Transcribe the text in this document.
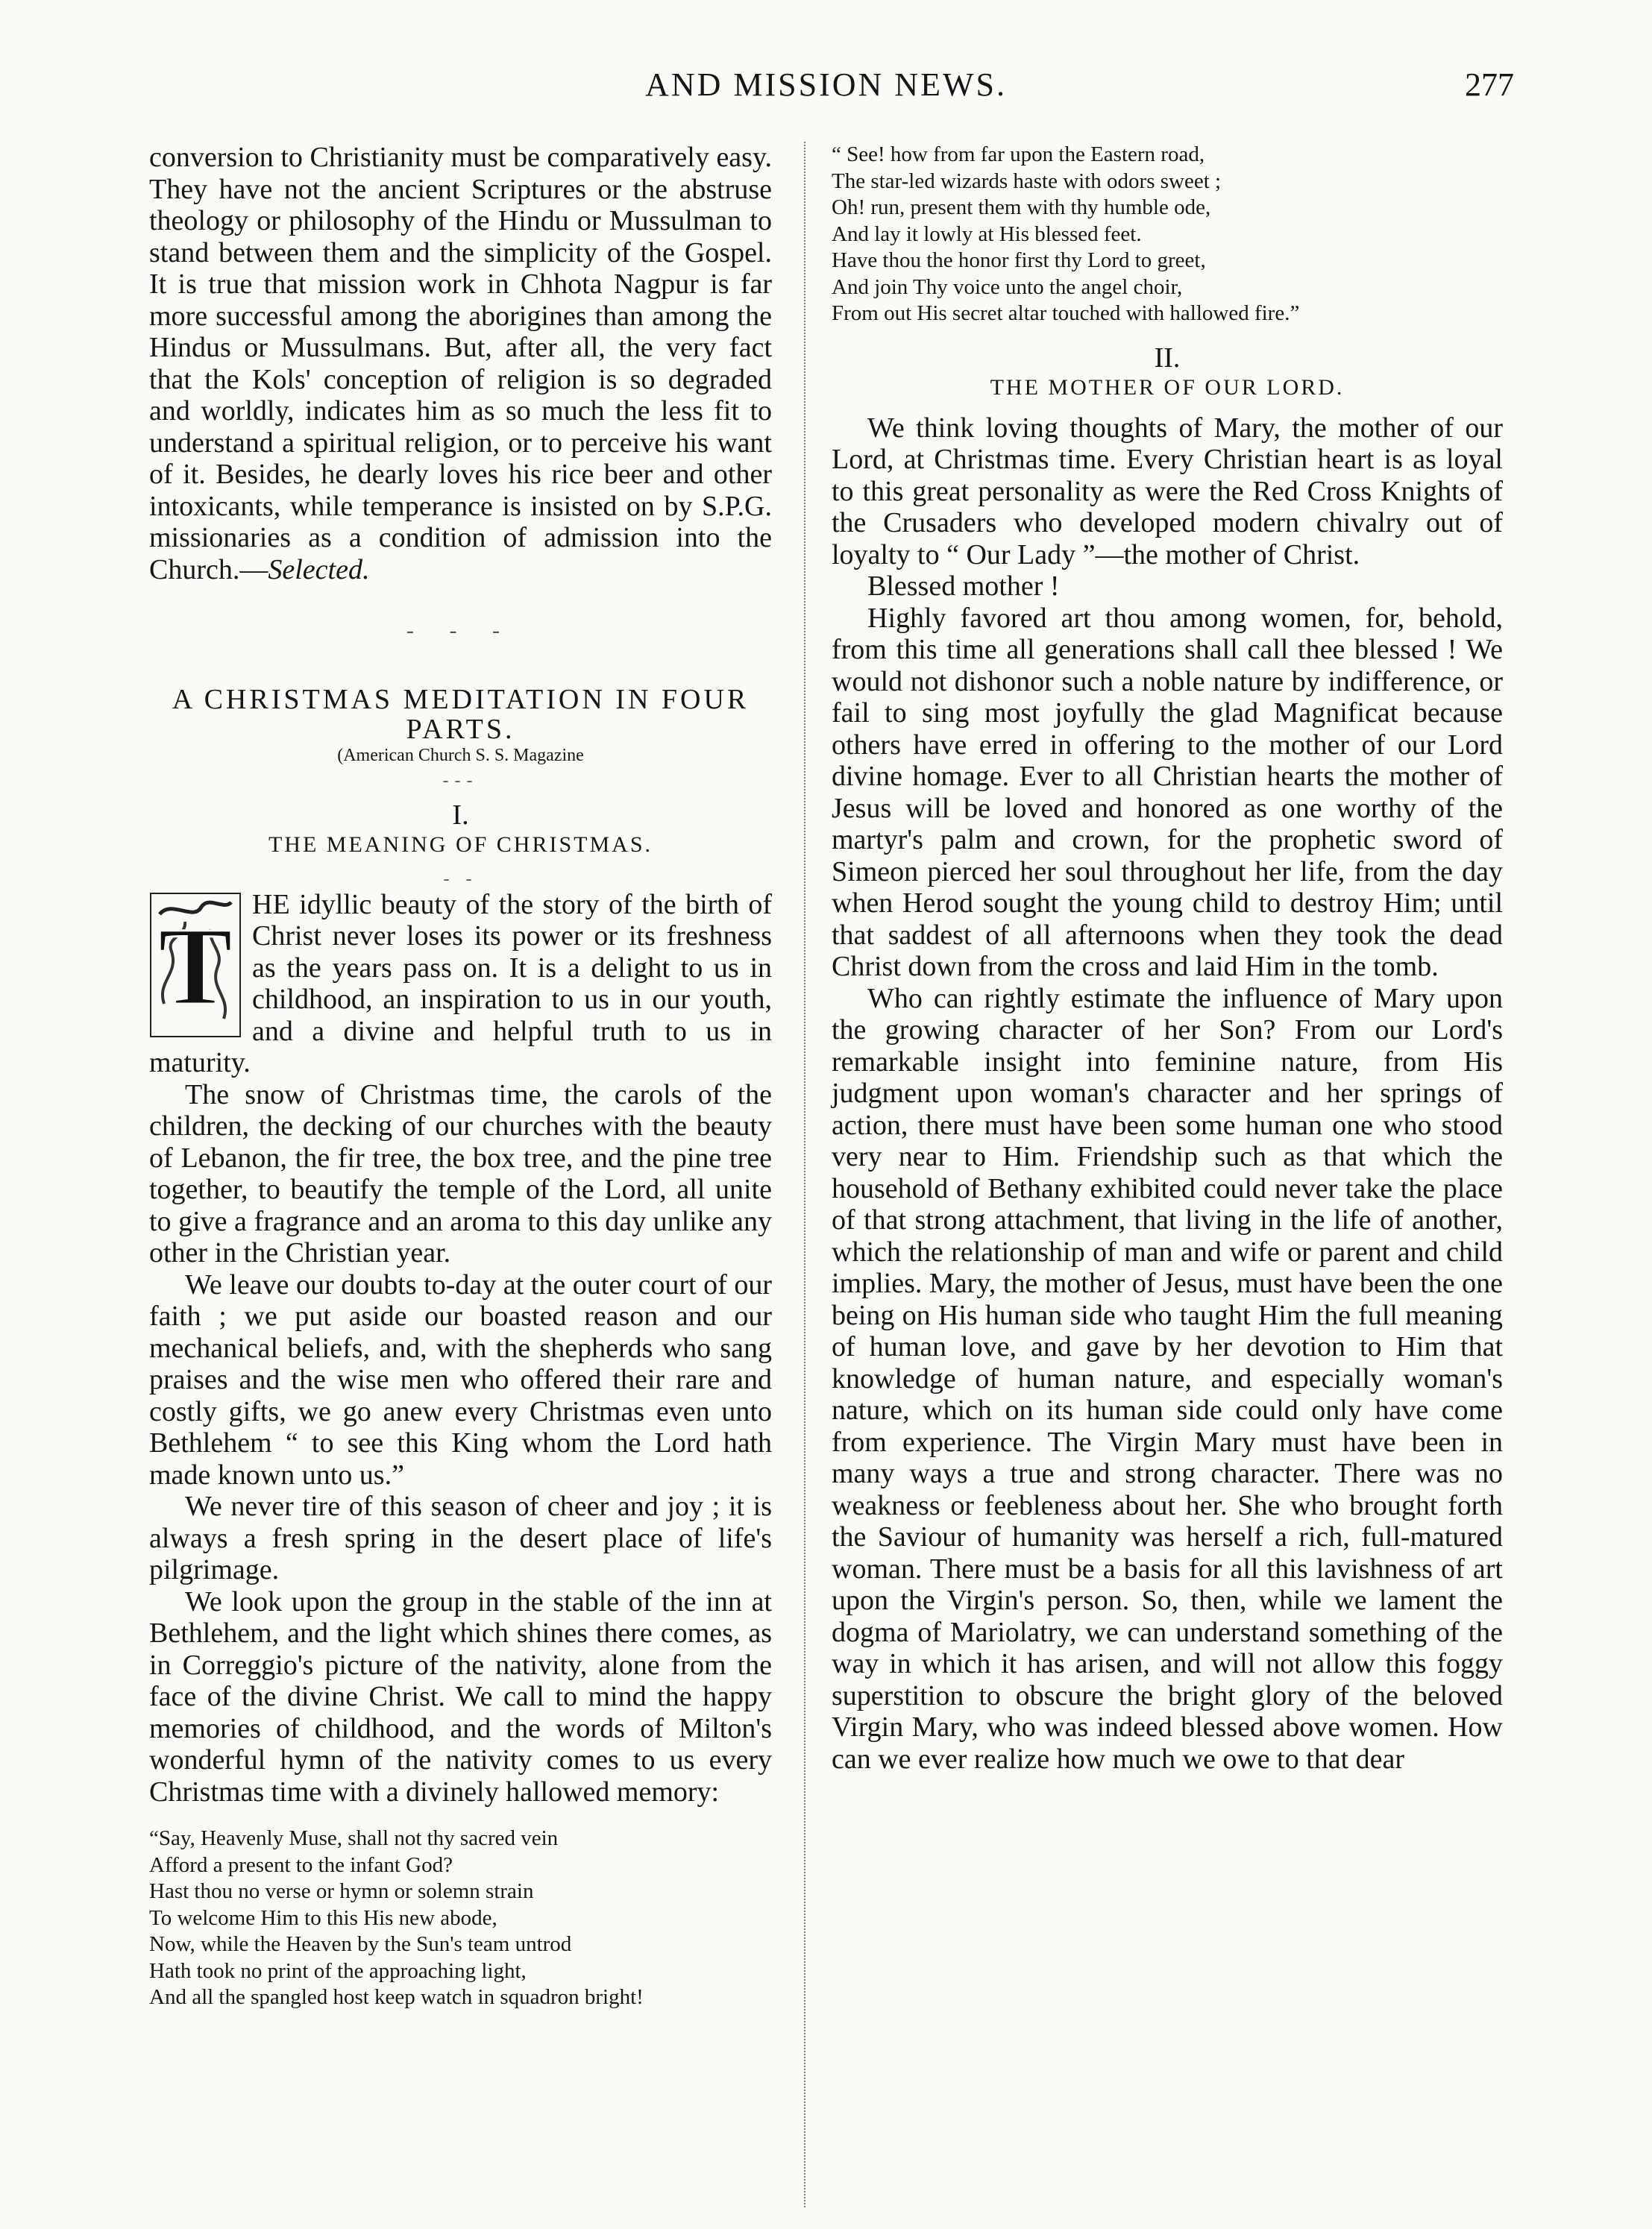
AND MISSION NEWS.	277

conversion to Christianity must be comparatively easy. They have not the ancient Scriptures or the abstruse theology or philosophy of the Hindu or Mussulman to stand between them and the simplicity of the Gospel. It is true that mission work in Chhota Nagpur is far more successful among the aborigines than among the Hindus or Mussulmans. But, after all, the very fact that the Kols' conception of religion is so degraded and worldly, indicates him as so much the less fit to understand a spiritual religion, or to perceive his want of it. Besides, he dearly loves his rice beer and other intoxicants, while temperance is insisted on by S.P.G. missionaries as a condition of admission into the Church.—Selected.

- - -
A CHRISTMAS MEDITATION IN FOUR PARTS.
(American Church S. S. Magazine
---
I.
THE MEANING OF CHRISTMAS.
- -
T HE idyllic beauty of the story of the birth of Christ never loses its power or its freshness as the years pass on. It is a delight to us in childhood, an inspiration to us in our youth, and a divine and helpful truth to us in maturity.

The snow of Christmas time, the carols of the children, the decking of our churches with the beauty of Lebanon, the fir tree, the box tree, and the pine tree together, to beautify the temple of the Lord, all unite to give a fragrance and an aroma to this day unlike any other in the Christian year.

We leave our doubts to-day at the outer court of our faith ; we put aside our boasted reason and our mechanical beliefs, and, with the shepherds who sang praises and the wise men who offered their rare and costly gifts, we go anew every Christmas even unto Bethlehem “ to see this King whom the Lord hath made known unto us.”

We never tire of this season of cheer and joy ; it is always a fresh spring in the desert place of life's pilgrimage.

We look upon the group in the stable of the inn at Bethlehem, and the light which shines there comes, as in Correggio's picture of the nativity, alone from the face of the divine Christ. We call to mind the happy memories of childhood, and the words of Milton's wonderful hymn of the nativity comes to us every Christmas time with a divinely hallowed memory:

“Say, Heavenly Muse, shall not thy sacred vein
Afford a present to the infant God?
Hast thou no verse or hymn or solemn strain
To welcome Him to this His new abode,
Now, while the Heaven by the Sun's team untrod
Hath took no print of the approaching light,
And all the spangled host keep watch in squadron bright!
“ See! how from far upon the Eastern road,
The star-led wizards haste with odors sweet ;
Oh! run, present them with thy humble ode,
And lay it lowly at His blessed feet.
Have thou the honor first thy Lord to greet,
And join Thy voice unto the angel choir,
From out His secret altar touched with hallowed fire.”
II.
THE MOTHER OF OUR LORD.

We think loving thoughts of Mary, the mother of our Lord, at Christmas time. Every Christian heart is as loyal to this great personality as were the Red Cross Knights of the Crusaders who developed modern chivalry out of loyalty to “ Our Lady ”—the mother of Christ.

Blessed mother !

Highly favored art thou among women, for, behold, from this time all generations shall call thee blessed ! We would not dishonor such a noble nature by indifference, or fail to sing most joyfully the glad Magnificat because others have erred in offering to the mother of our Lord divine homage. Ever to all Christian hearts the mother of Jesus will be loved and honored as one worthy of the martyr's palm and crown, for the prophetic sword of Simeon pierced her soul throughout her life, from the day when Herod sought the young child to destroy Him; until that saddest of all afternoons when they took the dead Christ down from the cross and laid Him in the tomb.

Who can rightly estimate the influence of Mary upon the growing character of her Son? From our Lord's remarkable insight into feminine nature, from His judgment upon woman's character and her springs of action, there must have been some human one who stood very near to Him. Friendship such as that which the household of Bethany exhibited could never take the place of that strong attachment, that living in the life of another, which the relationship of man and wife or parent and child implies. Mary, the mother of Jesus, must have been the one being on His human side who taught Him the full meaning of human love, and gave by her devotion to Him that knowledge of human nature, and especially woman's nature, which on its human side could only have come from experience. The Virgin Mary must have been in many ways a true and strong character. There was no weakness or feebleness about her. She who brought forth the Saviour of humanity was herself a rich, full-matured woman. There must be a basis for all this lavishness of art upon the Virgin's person. So, then, while we lament the dogma of Mariolatry, we can understand something of the way in which it has arisen, and will not allow this foggy superstition to obscure the bright glory of the beloved Virgin Mary, who was indeed blessed above women. How can we ever realize how much we owe to that dear
